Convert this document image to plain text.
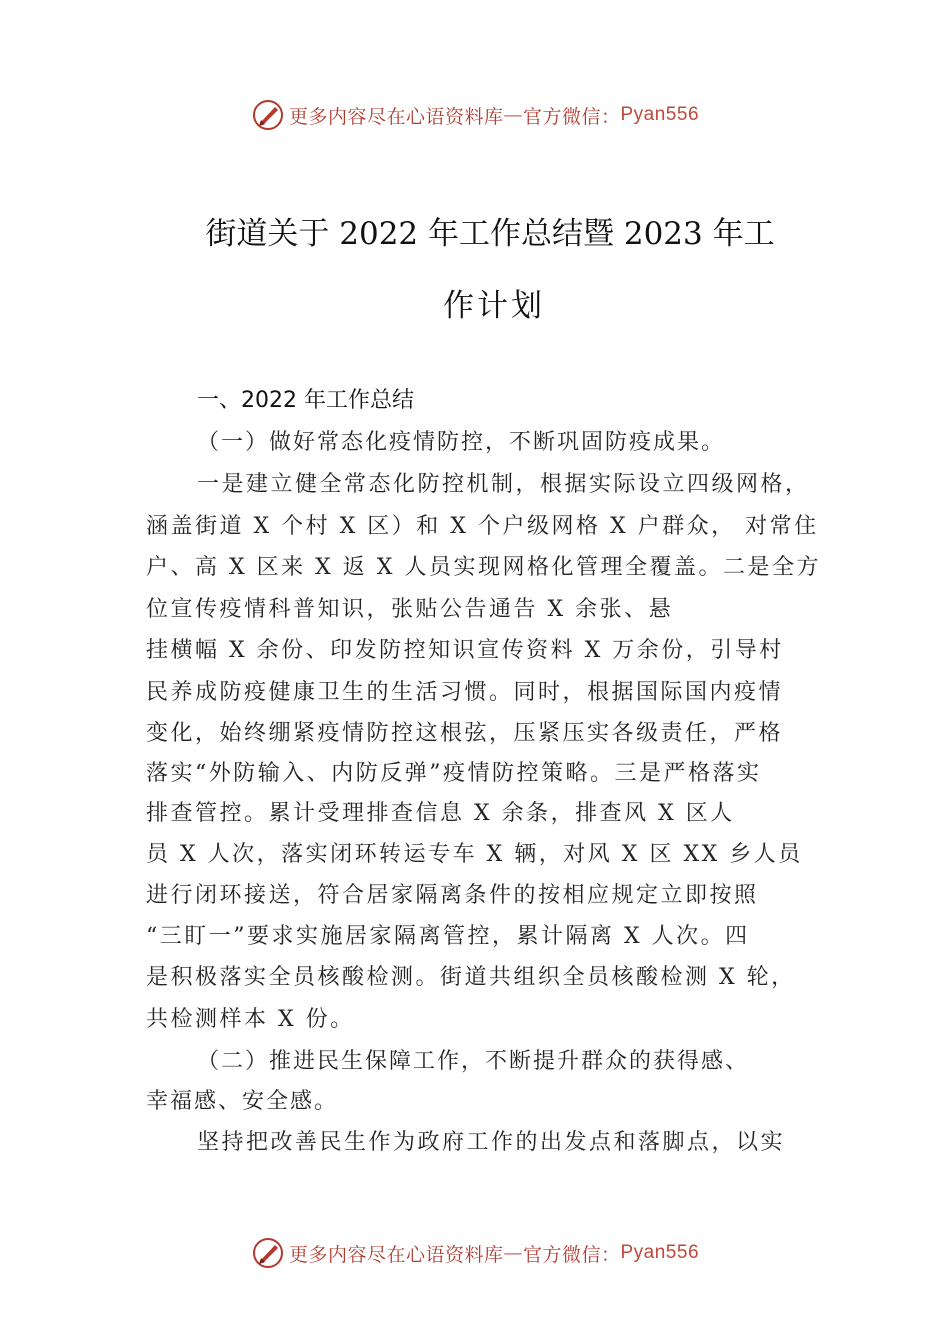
更多内容尽在心语资料库 — 官方微信： Pyan556
街道关于 2022 年工作总结暨 2023 年工
作计划
一、2022 年工作总结
（一）做好常态化疫情防控，不断巩固防疫成果。
一是建立健全常态化防控机制，根据实际设立四级网格，
涵盖街道 X 个村 X 区）和 X 个户级网格 X 户群众， 对常住
户、高 X 区来 X 返 X 人员实现网格化管理全覆盖。二是全方
位宣传疫情科普知识，张贴公告通告 X 余张、悬
挂横幅 X 余份、印发防控知识宣传资料 X 万余份，引导村
民养成防疫健康卫生的生活习惯。同时，根据国际国内疫情
变化，始终绷紧疫情防控这根弦，压紧压实各级责任，严格
落实“外防输入、内防反弹”疫情防控策略。三是严格落实
排查管控。累计受理排查信息 X 余条，排查风 X 区人
员 X 人次，落实闭环转运专车 X 辆，对风 X 区 XX 乡人员
进行闭环接送，符合居家隔离条件的按相应规定立即按照
“三盯一”要求实施居家隔离管控，累计隔离 X 人次。四
是积极落实全员核酸检测。街道共组织全员核酸检测 X 轮，
共检测样本 X 份。
（二）推进民生保障工作，不断提升群众的获得感、
幸福感、安全感。
坚持把改善民生作为政府工作的出发点和落脚点，以实
更多内容尽在心语资料库 — 官方微信： Pyan556
